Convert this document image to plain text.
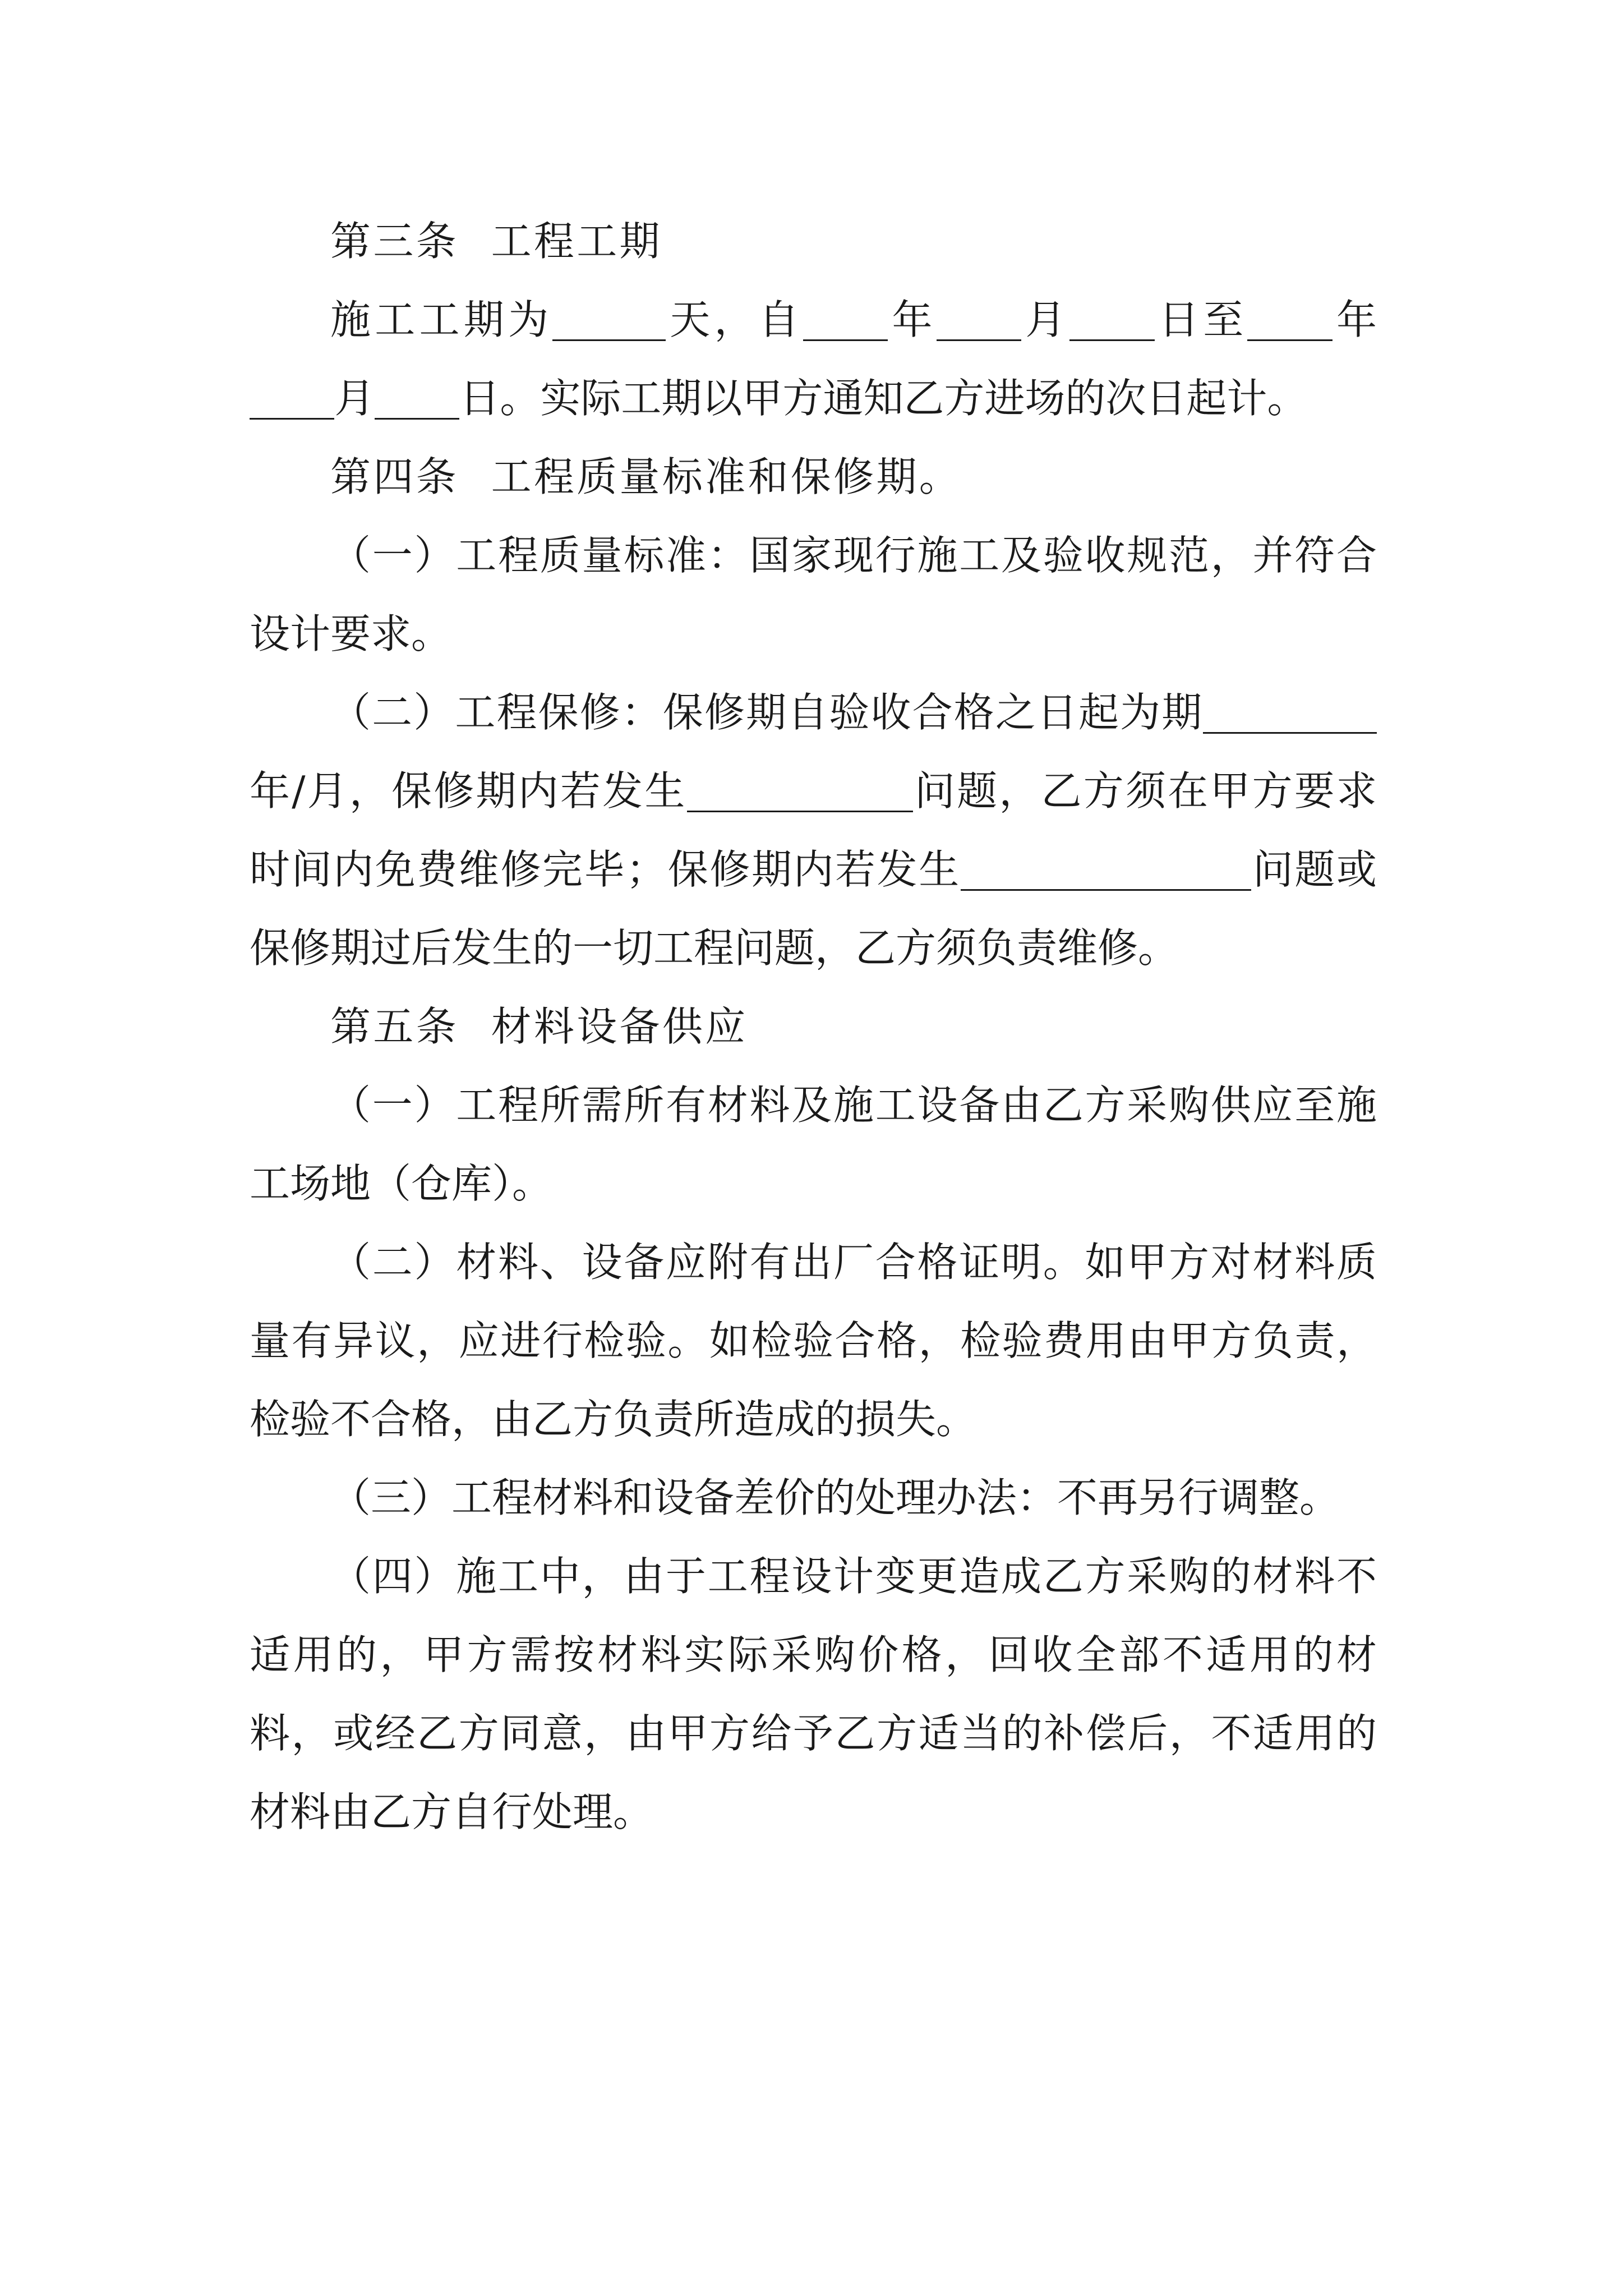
第三条 工程工期

施工工期为	天，自 年 月 日至 年月 日。实际工期以甲方通知乙方进场的次日起计。

第四条 工程质量标准和保修期。

（一）工程质量标准：国家现行施工及验收规范，并符合设计要求。

（二）工程保修：保修期自验收合格之日起为期年/月，保修期内若发生	问题，乙方须在甲方要求时间内免费维修完毕；保修期内若发生	问题或保修期过后发生的一切工程问题，乙方须负责维修。

第五条 材料设备供应

（一）工程所需所有材料及施工设备由乙方采购供应至施工场地（仓库）。

（二）材料、设备应附有出厂合格证明。如甲方对材料质量有异议，应进行检验。如检验合格，检验费用由甲方负责，检验不合格，由乙方负责所造成的损失。

（三）工程材料和设备差价的处理办法：不再另行调整。

（四）施工中，由于工程设计变更造成乙方采购的材料不适用的，甲方需按材料实际采购价格，回收全部不适用的材料，或经乙方同意，由甲方给予乙方适当的补偿后，不适用的材料由乙方自行处理。
